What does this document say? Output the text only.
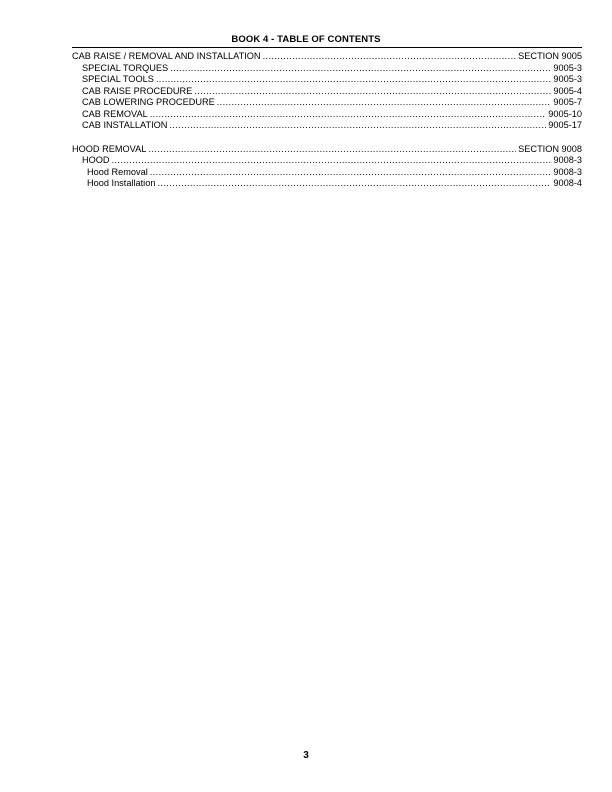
BOOK 4 - TABLE OF CONTENTS
CAB RAISE / REMOVAL AND INSTALLATION .....	SECTION 9005
SPECIAL TORQUES .....	9005-3
SPECIAL TOOLS .....	9005-3
CAB RAISE PROCEDURE .....	9005-4
CAB LOWERING PROCEDURE .....	9005-7
CAB REMOVAL .....	9005-10
CAB INSTALLATION .....	9005-17
HOOD REMOVAL .....	SECTION 9008
HOOD .....	9008-3
Hood Removal .....	9008-3
Hood Installation .....	9008-4
3
